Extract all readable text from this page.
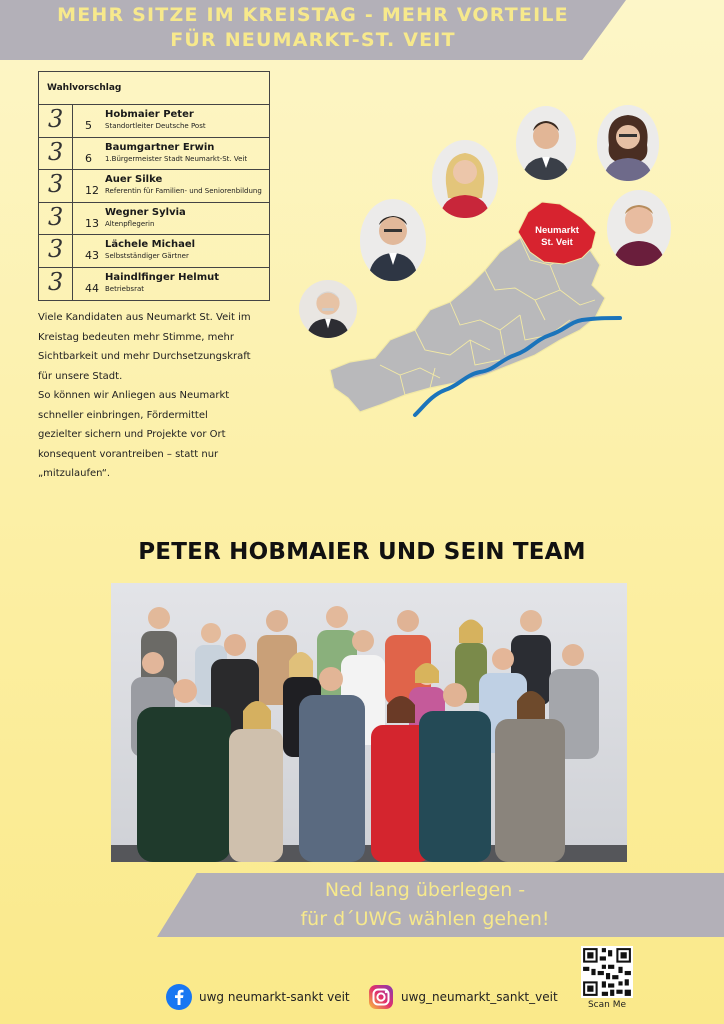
MEHR SITZE IM KREISTAG - MEHR VORTEILE
FÜR NEUMARKT-ST. VEIT
Wahlvorschlag
3	5
Hobmaier Peter
Standortleiter Deutsche Post
3	6
Baumgartner Erwin
1.Bürgermeister Stadt Neumarkt-St. Veit
3	12
Auer Silke
Referentin für Familien- und Seniorenbildung
3	13
Wegner Sylvia
Altenpflegerin
3	43
Lächele Michael
Selbstständiger Gärtner
3	44
Haindlfinger Helmut
Betriebsrat
Viele Kandidaten aus Neumarkt St. Veit im
Kreistag bedeuten mehr Stimme, mehr
Sichtbarkeit und mehr Durchsetzungskraft
für unsere Stadt.
So können wir Anliegen aus Neumarkt
schneller einbringen, Fördermittel
gezielter sichern und Projekte vor Ort
konsequent vorantreiben – statt nur
„mitzulaufen“.
Neumarkt
St. Veit
PETER HOBMAIER UND SEIN TEAM
Ned lang überlegen -
für d´UWG wählen gehen!
uwg neumarkt-sankt veit	uwg_neumarkt_sankt_veit
Scan Me
